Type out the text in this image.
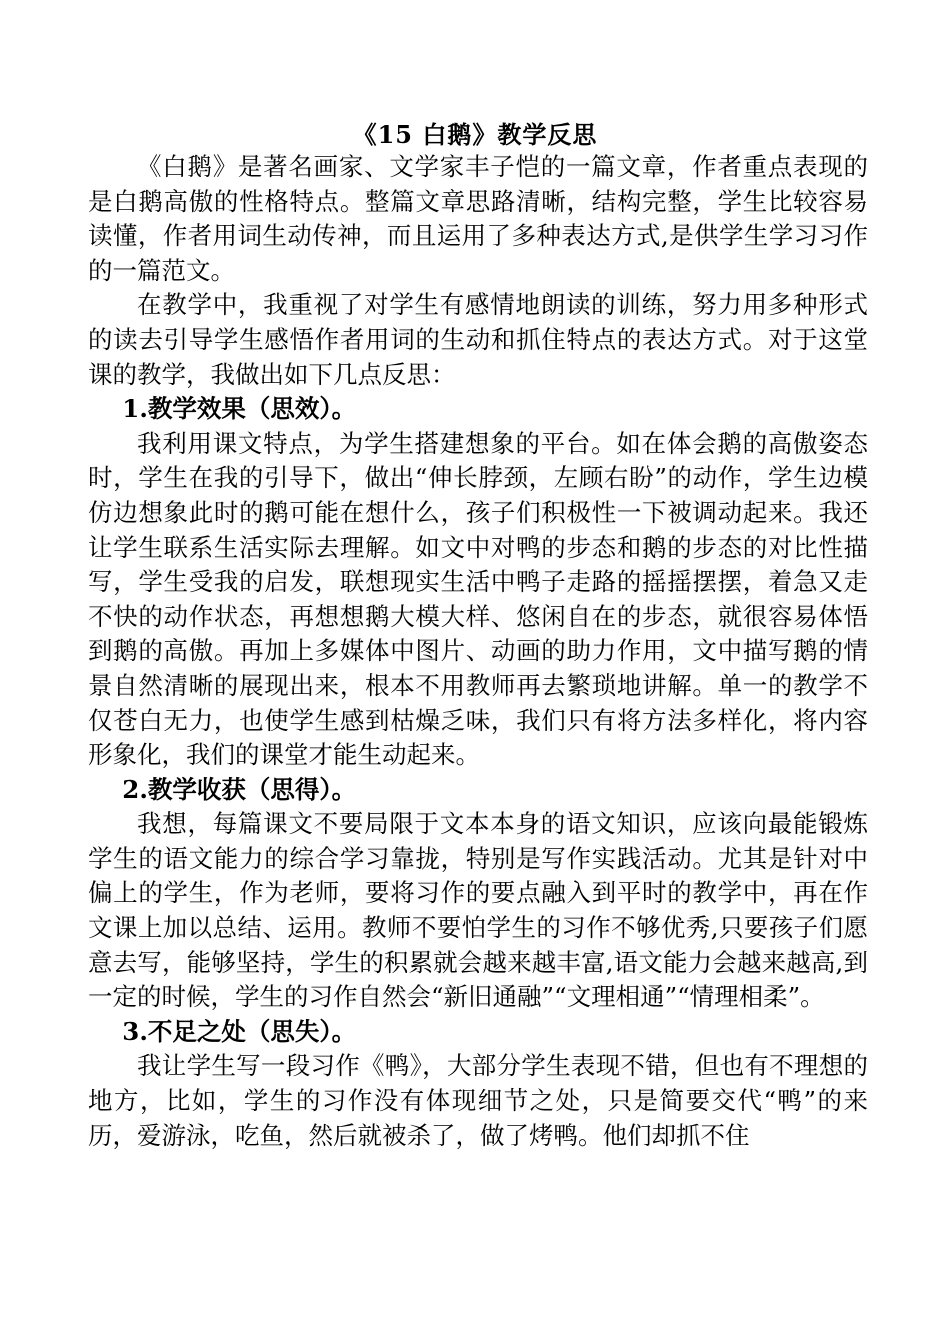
《15 白鹅》教学反思

《白鹅》是著名画家、文学家丰子恺的一篇文章，作者重点表现的是白鹅高傲的性格特点。整篇文章思路清晰，结构完整，学生比较容易读懂，作者用词生动传神，而且运用了多种表达方式,是供学生学习习作的一篇范文。

在教学中，我重视了对学生有感情地朗读的训练，努力用多种形式的读去引导学生感悟作者用词的生动和抓住特点的表达方式。对于这堂课的教学，我做出如下几点反思：

1.教学效果（思效）。

我利用课文特点，为学生搭建想象的平台。如在体会鹅的高傲姿态时，学生在我的引导下，做出“伸长脖颈，左顾右盼”的动作，学生边模仿边想象此时的鹅可能在想什么，孩子们积极性一下被调动起来。我还让学生联系生活实际去理解。如文中对鸭的步态和鹅的步态的对比性描写，学生受我的启发，联想现实生活中鸭子走路的摇摇摆摆，着急又走不快的动作状态，再想想鹅大模大样、悠闲自在的步态，就很容易体悟到鹅的高傲。再加上多媒体中图片、动画的助力作用，文中描写鹅的情景自然清晰的展现出来，根本不用教师再去繁琐地讲解。单一的教学不仅苍白无力，也使学生感到枯燥乏味，我们只有将方法多样化，将内容形象化，我们的课堂才能生动起来。

2.教学收获（思得）。

我想，每篇课文不要局限于文本本身的语文知识，应该向最能锻炼学生的语文能力的综合学习靠拢，特别是写作实践活动。尤其是针对中偏上的学生，作为老师，要将习作的要点融入到平时的教学中，再在作文课上加以总结、运用。教师不要怕学生的习作不够优秀,只要孩子们愿意去写，能够坚持，学生的积累就会越来越丰富,语文能力会越来越高,到一定的时候，学生的习作自然会“新旧通融”“文理相通”“情理相柔”。

3.不足之处（思失）。

我让学生写一段习作《鸭》，大部分学生表现不错，但也有不理想的地方，比如，学生的习作没有体现细节之处，只是简要交代“鸭”的来历，爱游泳，吃鱼，然后就被杀了，做了烤鸭。他们却抓不住
